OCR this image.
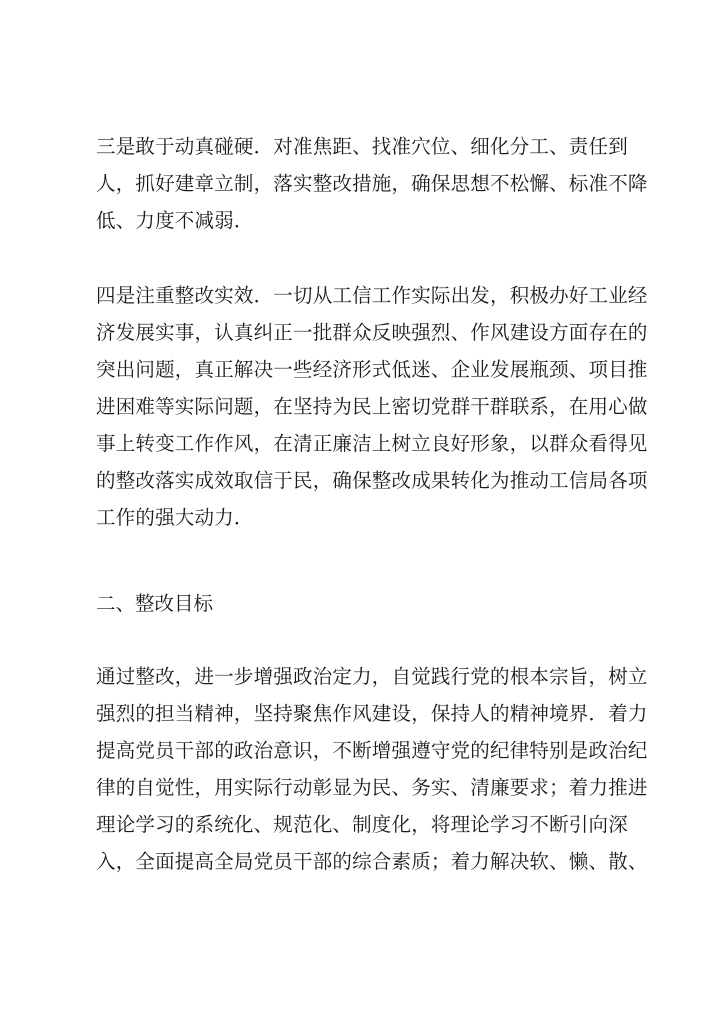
三是敢于动真碰硬．对准焦距、找准穴位、细化分工、责任到
人，抓好建章立制，落实整改措施，确保思想不松懈、标准不降
低、力度不减弱．
四是注重整改实效．一切从工信工作实际出发，积极办好工业经
济发展实事，认真纠正一批群众反映强烈、作风建设方面存在的
突出问题，真正解决一些经济形式低迷、企业发展瓶颈、项目推
进困难等实际问题，在坚持为民上密切党群干群联系，在用心做
事上转变工作作风，在清正廉洁上树立良好形象，以群众看得见
的整改落实成效取信于民，确保整改成果转化为推动工信局各项
工作的强大动力．
二、整改目标
通过整改，进一步增强政治定力，自觉践行党的根本宗旨，树立
强烈的担当精神，坚持聚焦作风建设，保持人的精神境界．着力
提高党员干部的政治意识，不断增强遵守党的纪律特别是政治纪
律的自觉性，用实际行动彰显为民、务实、清廉要求；着力推进
理论学习的系统化、规范化、制度化，将理论学习不断引向深
入，全面提高全局党员干部的综合素质；着力解决软、懒、散、
